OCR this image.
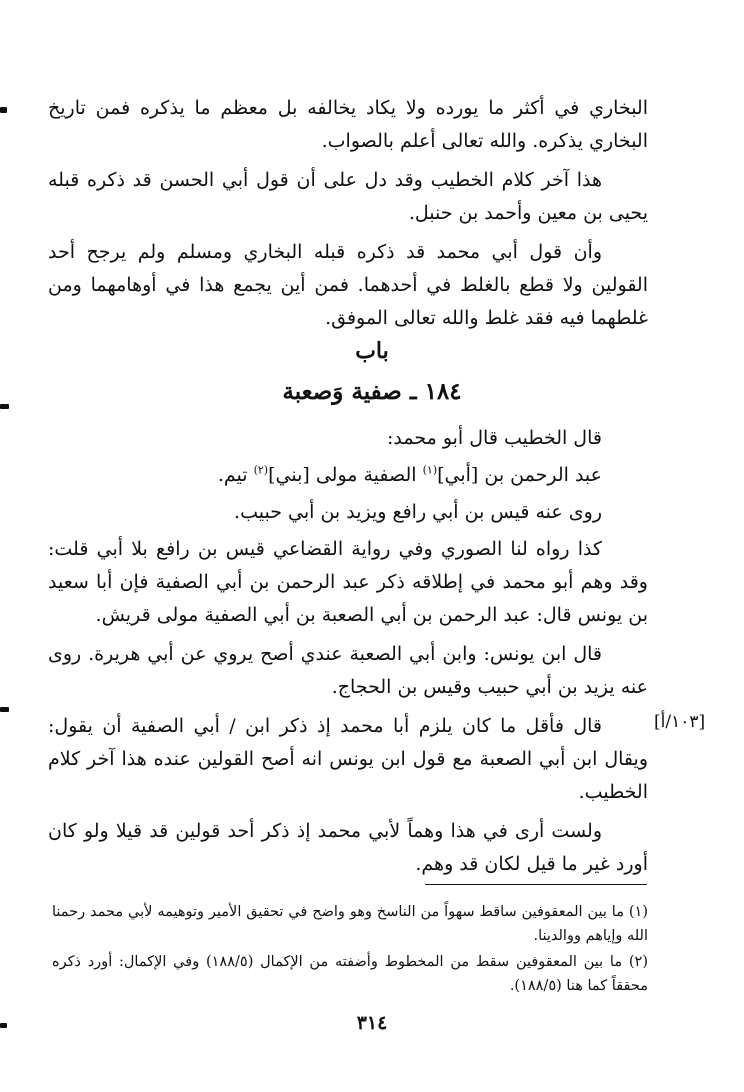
البخاري في أكثر ما يورده ولا يكاد يخالفه بل معظم ما يذكره فمن تاريخ البخاري يذكره. والله تعالى أعلم بالصواب.

هذا آخر كلام الخطيب وقد دل على أن قول أبي الحسن قد ذكره قبله يحيى بن معين وأحمد بن حنبل.

وأن قول أبي محمد قد ذكره قبله البخاري ومسلم ولم يرجح أحد القولين ولا قطع بالغلط في أحدهما. فمن أين يجمع هذا في أوهامهما ومن غلطهما فيه فقد غلط والله تعالى الموفق.

باب
١٨٤ ـ صفية وَصعبة

قال الخطيب قال أبو محمد:

عبد الرحمن بن [أبي]$^{(١)}$ الصفية مولى [بني]$^{(٢)}$ تيم.

روى عنه قيس بن أبي رافع ويزيد بن أبي حبيب.

كذا رواه لنا الصوري وفي رواية القضاعي قيس بن رافع بلا أبي قلت: وقد وهم أبو محمد في إطلاقه ذكر عبد الرحمن بن أبي الصفية فإن أبا سعيد بن يونس قال: عبد الرحمن بن أبي الصعبة بن أبي الصفية مولى قريش.

قال ابن يونس: وابن أبي الصعبة عندي أصح يروي عن أبي هريرة. روى عنه يزيد بن أبي حبيب وقيس بن الحجاج.

قال فأقل ما كان يلزم أبا محمد إذ ذكر ابن / أبي الصفية أن يقول: ويقال ابن أبي الصعبة مع قول ابن يونس انه أصح القولين عنده هذا آخر كلام الخطيب.

ولست أرى في هذا وهماً لأبي محمد إذ ذكر أحد قولين قد قيلا ولو كان أورد غير ما قيل لكان قد وهم.

[١٠٣/أ]

(١) ما بين المعقوفين ساقط سهواً من الناسخ وهو واضح في تحقيق الأمير وتوهيمه لأبي محمد رحمنا الله وإياهم ووالدينا.

(٢) ما بين المعقوفين سقط من المخطوط وأضفته من الإكمال (١٨٨/٥) وفي الإكمال: أورد ذكره محققاً كما هنا (١٨٨/٥).

٣١٤
